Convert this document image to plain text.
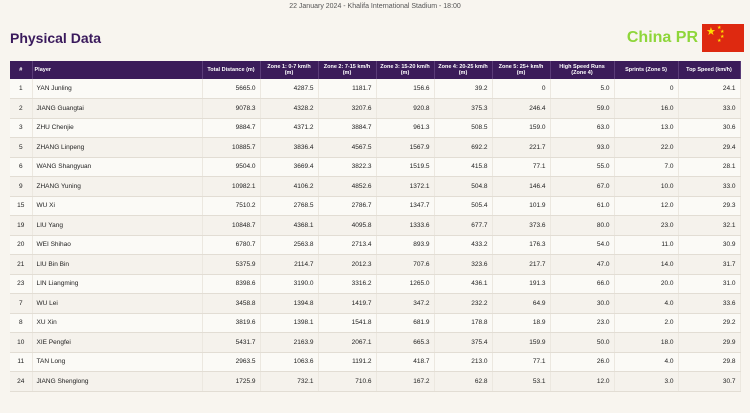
22 January 2024 - Khalifa International Stadium - 18:00
Physical Data	China PR ★ ★
★
★
★
#	Player	Total Distance (m)	Zone 1: 0-7 km/h (m)	Zone 2: 7-15 km/h (m)	Zone 3: 15-20 km/h (m)	Zone 4: 20-25 km/h (m)	Zone 5: 25+ km/h (m)	High Speed Runs (Zone 4)	Sprints (Zone 5)	Top Speed (km/h)
1	YAN Junling	5665.0	4287.5	1181.7	156.6	39.2	0	5.0	0	24.1
2	JIANG Guangtai	9078.3	4328.2	3207.6	920.8	375.3	246.4	59.0	16.0	33.0
3	ZHU Chenjie	9884.7	4371.2	3884.7	961.3	508.5	159.0	63.0	13.0	30.6
5	ZHANG Linpeng	10885.7	3836.4	4567.5	1567.9	692.2	221.7	93.0	22.0	29.4
6	WANG Shangyuan	9504.0	3669.4	3822.3	1519.5	415.8	77.1	55.0	7.0	28.1
9	ZHANG Yuning	10982.1	4106.2	4852.6	1372.1	504.8	146.4	67.0	10.0	33.0
15	WU Xi	7510.2	2768.5	2786.7	1347.7	505.4	101.9	61.0	12.0	29.3
19	LIU Yang	10848.7	4368.1	4095.8	1333.6	677.7	373.6	80.0	23.0	32.1
20	WEI Shihao	6780.7	2563.8	2713.4	893.9	433.2	176.3	54.0	11.0	30.9
21	LIU Bin Bin	5375.9	2114.7	2012.3	707.6	323.6	217.7	47.0	14.0	31.7
23	LIN Liangming	8398.6	3190.0	3316.2	1265.0	436.1	191.3	66.0	20.0	31.0
7	WU Lei	3458.8	1394.8	1419.7	347.2	232.2	64.9	30.0	4.0	33.6
8	XU Xin	3819.6	1398.1	1541.8	681.9	178.8	18.9	23.0	2.0	29.2
10	XIE Pengfei	5431.7	2163.9	2067.1	665.3	375.4	159.9	50.0	18.0	29.9
11	TAN Long	2963.5	1063.6	1191.2	418.7	213.0	77.1	26.0	4.0	29.8
24	JIANG Shenglong	1725.9	732.1	710.6	167.2	62.8	53.1	12.0	3.0	30.7
